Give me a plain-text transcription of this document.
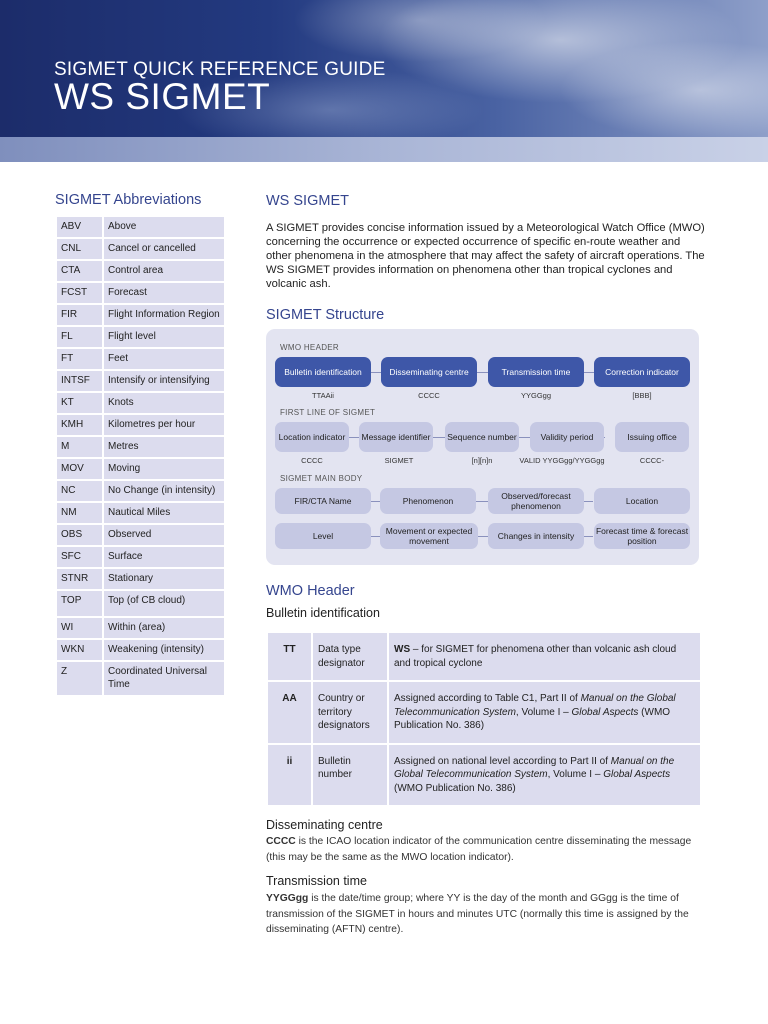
SIGMET QUICK REFERENCE GUIDE
WS SIGMET
SIGMET Abbreviations
ABV	Above
CNL	Cancel or cancelled
CTA	Control area
FCST	Forecast
FIR	Flight Information Region
FL	Flight level
FT	Feet
INTSF	Intensify or intensifying
KT	Knots
KMH	Kilometres per hour
M	Metres
MOV	Moving
NC	No Change (in intensity)
NM	Nautical Miles
OBS	Observed
SFC	Surface
STNR	Stationary
TOP	Top (of CB cloud)
WI	Within (area)
WKN	Weakening (intensity)
Z	Coordinated Universal Time
WS SIGMET
A SIGMET provides concise information issued by a Meteorological Watch Office (MWO) concerning the occurrence or expected occurrence of specific en-route weather and other phenomena in the atmosphere that may affect the safety of aircraft operations. The WS SIGMET provides information on phenomena other than tropical cyclones and volcanic ash.
SIGMET Structure
WMO HEADER
Bulletin identification	Disseminating centre	Transmission time	Correction indicator
TTAAii	CCCC	YYGGgg	[BBB]
FIRST LINE OF SIGMET
Location indicator	Message identifier Sequence number	Validity period	Issuing office
CCCC	SIGMET	[n][n]n	VALID YYGGgg/YYGGgg	CCCC-
SIGMET MAIN BODY
FIR/CTA Name	Phenomenon	Observed/forecast phenomenon	Location
Level	Movement or expected movement	Changes in intensity	Forecast time & forecast position
WMO Header
Bulletin identification
TT	Data type designator	WS – for SIGMET for phenomena other than volcanic ash cloud and tropical cyclone
AA	Country or territory designators	Assigned according to Table C1, Part II of Manual on the Global Telecommunication System, Volume I – Global Aspects (WMO Publication No. 386)
ii	Bulletin number	Assigned on national level according to Part II of Manual on the Global Telecommunication System, Volume I – Global Aspects (WMO Publication No. 386)
Disseminating centre
CCCC is the ICAO location indicator of the communication centre disseminating the message (this may be the same as the MWO location indicator).
Transmission time
YYGGgg is the date/time group; where YY is the day of the month and GGgg is the time of transmission of the SIGMET in hours and minutes UTC (normally this time is assigned by the disseminating (AFTN) centre).
